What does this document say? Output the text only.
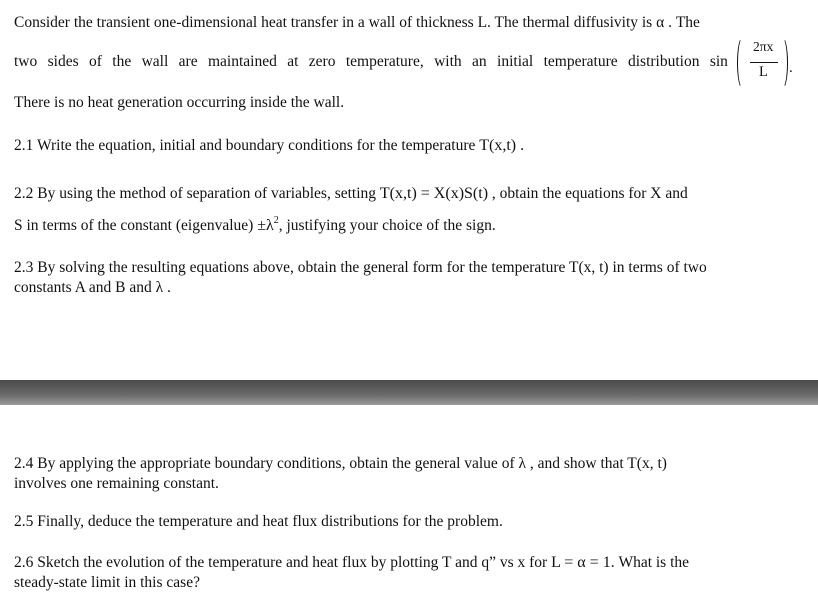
Consider the transient one-dimensional heat transfer in a wall of thickness L. The thermal diffusivity is α . The
two sides of the wall are maintained at zero temperature, with an initial temperature distribution sin
2πx
L .
There is no heat generation occurring inside the wall.
2.1 Write the equation, initial and boundary conditions for the temperature T(x,t) .
2.2 By using the method of separation of variables, setting T(x,t) = X(x)S(t) , obtain the equations for X and
S in terms of the constant (eigenvalue) $\pm\lambda^2$, justifying your choice of the sign.
2.3 By solving the resulting equations above, obtain the general form for the temperature T(x, t) in terms of two
constants A and B and λ .
2.4 By applying the appropriate boundary conditions, obtain the general value of λ , and show that T(x, t)
involves one remaining constant.
2.5 Finally, deduce the temperature and heat flux distributions for the problem.
2.6 Sketch the evolution of the temperature and heat flux by plotting T and q” vs x for L = α = 1. What is the
steady-state limit in this case?
